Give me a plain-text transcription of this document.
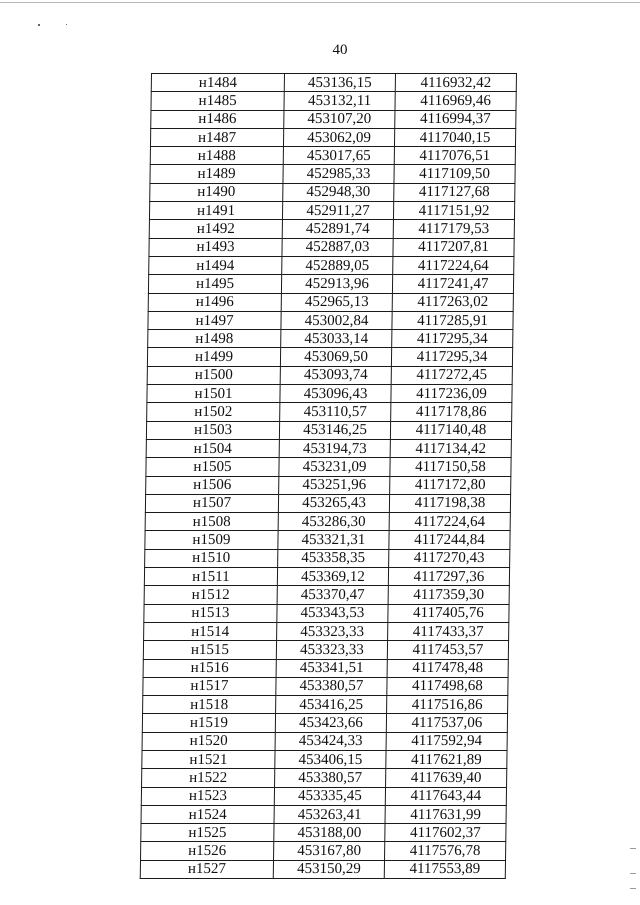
40
н1484	453136,15	4116932,42
н1485	453132,11	4116969,46
н1486	453107,20	4116994,37
н1487	453062,09	4117040,15
н1488	453017,65	4117076,51
н1489	452985,33	4117109,50
н1490	452948,30	4117127,68
н1491	452911,27	4117151,92
н1492	452891,74	4117179,53
н1493	452887,03	4117207,81
н1494	452889,05	4117224,64
н1495	452913,96	4117241,47
н1496	452965,13	4117263,02
н1497	453002,84	4117285,91
н1498	453033,14	4117295,34
н1499	453069,50	4117295,34
н1500	453093,74	4117272,45
н1501	453096,43	4117236,09
н1502	453110,57	4117178,86
н1503	453146,25	4117140,48
н1504	453194,73	4117134,42
н1505	453231,09	4117150,58
н1506	453251,96	4117172,80
н1507	453265,43	4117198,38
н1508	453286,30	4117224,64
н1509	453321,31	4117244,84
н1510	453358,35	4117270,43
н1511	453369,12	4117297,36
н1512	453370,47	4117359,30
н1513	453343,53	4117405,76
н1514	453323,33	4117433,37
н1515	453323,33	4117453,57
н1516	453341,51	4117478,48
н1517	453380,57	4117498,68
н1518	453416,25	4117516,86
н1519	453423,66	4117537,06
н1520	453424,33	4117592,94
н1521	453406,15	4117621,89
н1522	453380,57	4117639,40
н1523	453335,45	4117643,44
н1524	453263,41	4117631,99
н1525	453188,00	4117602,37
н1526	453167,80	4117576,78
н1527	453150,29	4117553,89
